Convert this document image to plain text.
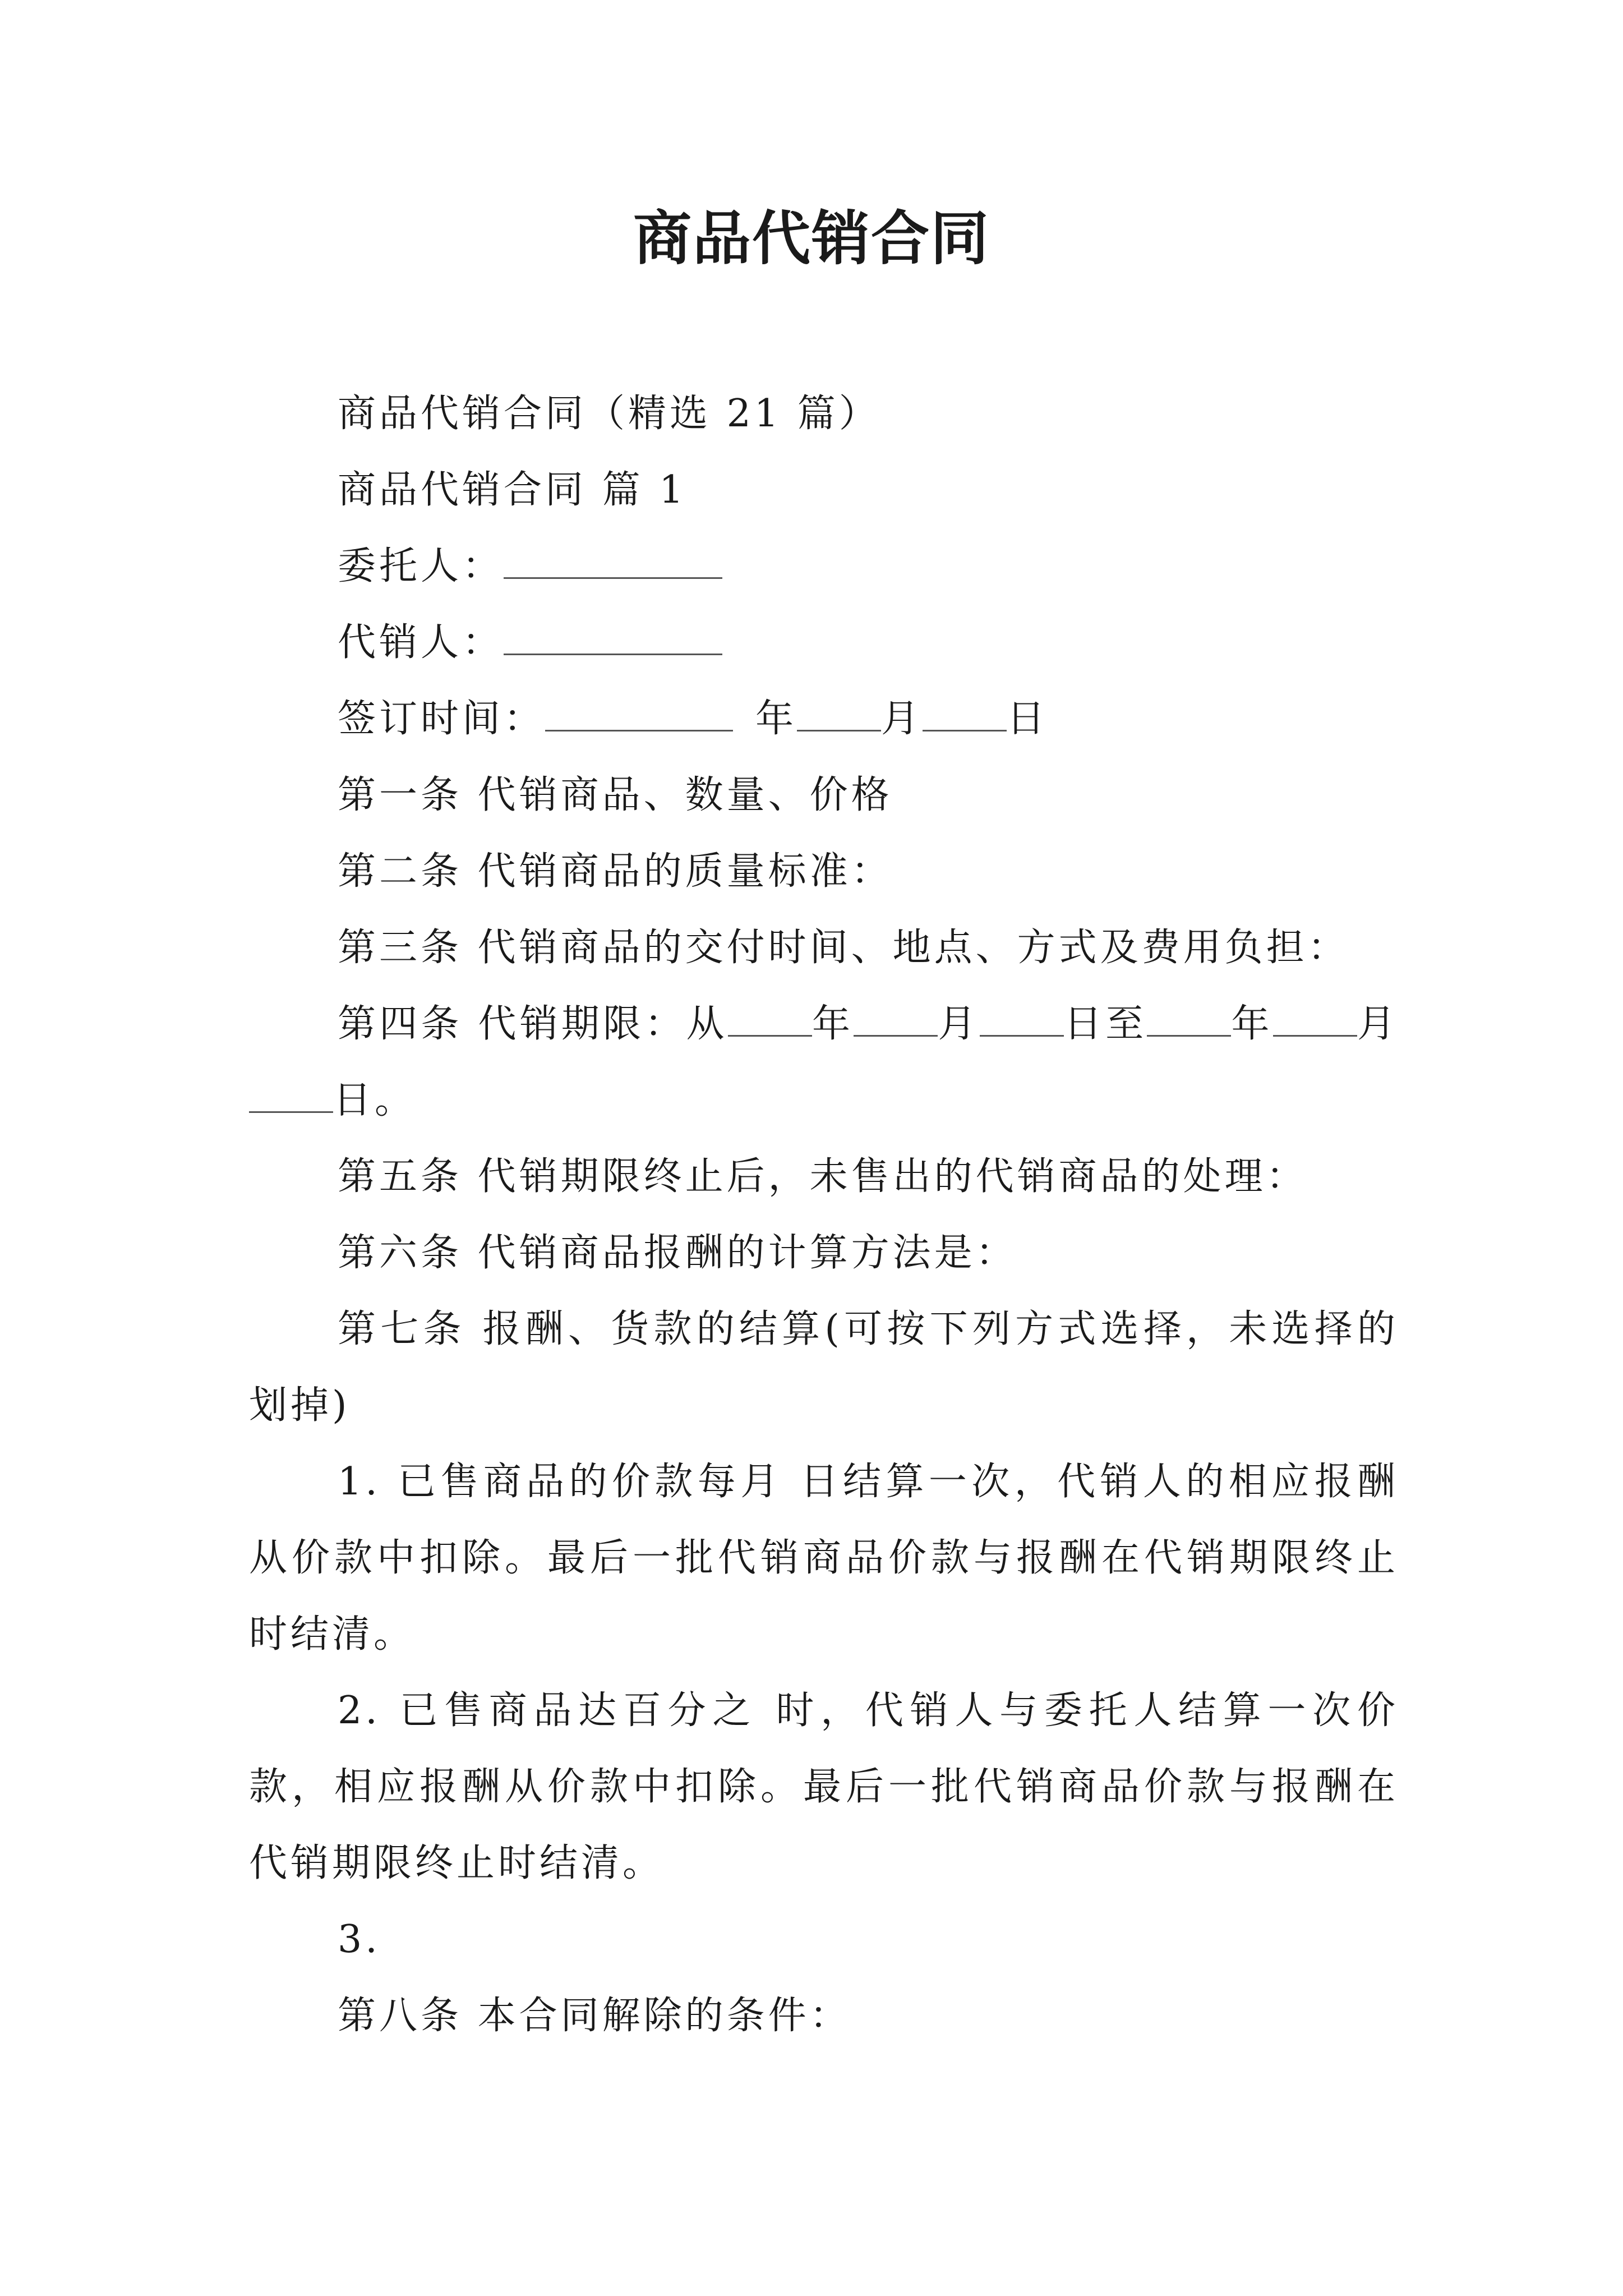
商品代销合同

商品代销合同（精选 21 篇）

商品代销合同 篇 1

委托人：

代销人：

签订时间：	年 月 日

第一条 代销商品、数量、价格

第二条 代销商品的质量标准：

第三条 代销商品的交付时间、地点、方式及费用负担：

第四条 代销期限：从 年 月 日至 年 月日。

第五条 代销期限终止后，未售出的代销商品的处理：

第六条 代销商品报酬的计算方法是：

第七条 报酬、货款的结算(可按下列方式选择，未选择的划掉)

1. 已售商品的价款每月 日结算一次，代销人的相应报酬从价款中扣除。最后一批代销商品价款与报酬在代销期限终止时结清。

2. 已售商品达百分之 时，代销人与委托人结算一次价款，相应报酬从价款中扣除。最后一批代销商品价款与报酬在代销期限终止时结清。

3.

第八条 本合同解除的条件：
